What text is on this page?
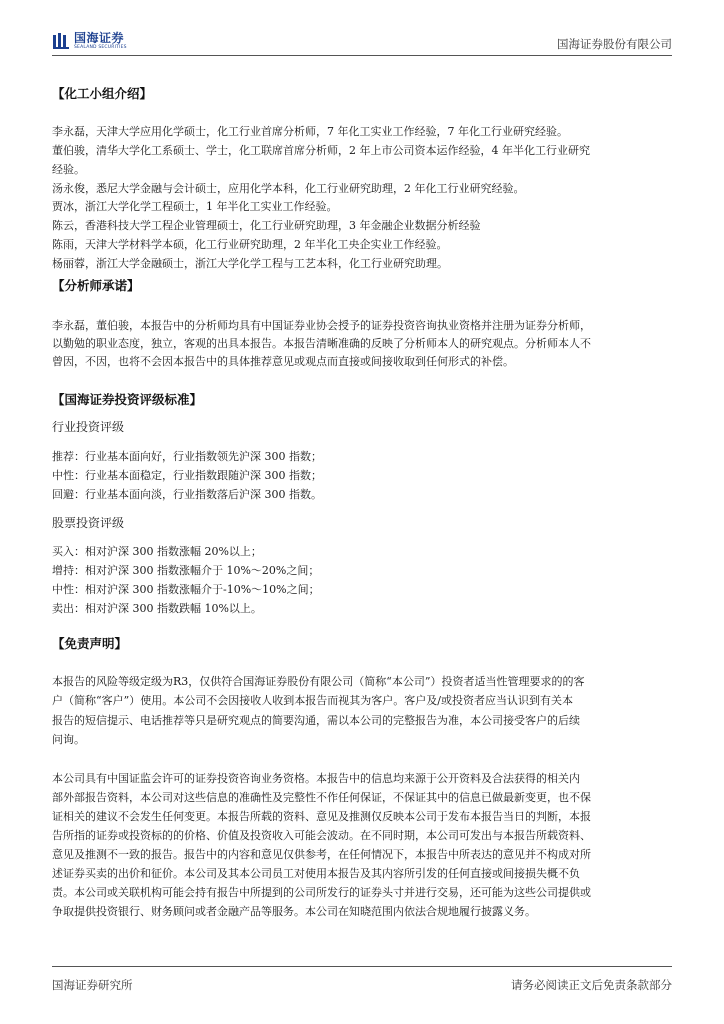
国海证券
SEALAND SECURITIES	国海证券股份有限公司
【化工小组介绍】
李永磊，天津大学应用化学硕士，化工行业首席分析师，7 年化工实业工作经验，7 年化工行业研究经验。
董伯骏，清华大学化工系硕士、学士，化工联席首席分析师，2 年上市公司资本运作经验，4 年半化工行业研究
经验。
汤永俊，悉尼大学金融与会计硕士，应用化学本科，化工行业研究助理，2 年化工行业研究经验。
贾冰，浙江大学化学工程硕士，1 年半化工实业工作经验。
陈云，香港科技大学工程企业管理硕士，化工行业研究助理，3 年金融企业数据分析经验
陈雨，天津大学材料学本硕，化工行业研究助理，2 年半化工央企实业工作经验。
杨丽蓉，浙江大学金融硕士，浙江大学化学工程与工艺本科，化工行业研究助理。
【分析师承诺】
李永磊，董伯骏，本报告中的分析师均具有中国证券业协会授予的证券投资咨询执业资格并注册为证券分析师，
以勤勉的职业态度，独立，客观的出具本报告。本报告清晰准确的反映了分析师本人的研究观点。分析师本人不
曾因，不因，也将不会因本报告中的具体推荐意见或观点而直接或间接收取到任何形式的补偿。
【国海证券投资评级标准】
行业投资评级
推荐：行业基本面向好，行业指数领先沪深 300 指数；
中性：行业基本面稳定，行业指数跟随沪深 300 指数；
回避：行业基本面向淡，行业指数落后沪深 300 指数。
股票投资评级
买入：相对沪深 300 指数涨幅 20%以上；
增持：相对沪深 300 指数涨幅介于 10%～20%之间；
中性：相对沪深 300 指数涨幅介于-10%～10%之间；
卖出：相对沪深 300 指数跌幅 10%以上。
【免责声明】
本报告的风险等级定级为R3，仅供符合国海证券股份有限公司（简称“本公司”）投资者适当性管理要求的的客
户（简称“客户”）使用。本公司不会因接收人收到本报告而视其为客户。客户及/或投资者应当认识到有关本
报告的短信提示、电话推荐等只是研究观点的简要沟通，需以本公司的完整报告为准，本公司接受客户的后续
问询。
本公司具有中国证监会许可的证券投资咨询业务资格。本报告中的信息均来源于公开资料及合法获得的相关内
部外部报告资料，本公司对这些信息的准确性及完整性不作任何保证，不保证其中的信息已做最新变更，也不保
证相关的建议不会发生任何变更。本报告所载的资料、意见及推测仅反映本公司于发布本报告当日的判断，本报
告所指的证券或投资标的的价格、价值及投资收入可能会波动。在不同时期，本公司可发出与本报告所载资料、
意见及推测不一致的报告。报告中的内容和意见仅供参考，在任何情况下，本报告中所表达的意见并不构成对所
述证券买卖的出价和征价。本公司及其本公司员工对使用本报告及其内容所引发的任何直接或间接损失概不负
责。本公司或关联机构可能会持有报告中所提到的公司所发行的证券头寸并进行交易，还可能为这些公司提供或
争取提供投资银行、财务顾问或者金融产品等服务。本公司在知晓范围内依法合规地履行披露义务。
国海证券研究所	请务必阅读正文后免责条款部分
